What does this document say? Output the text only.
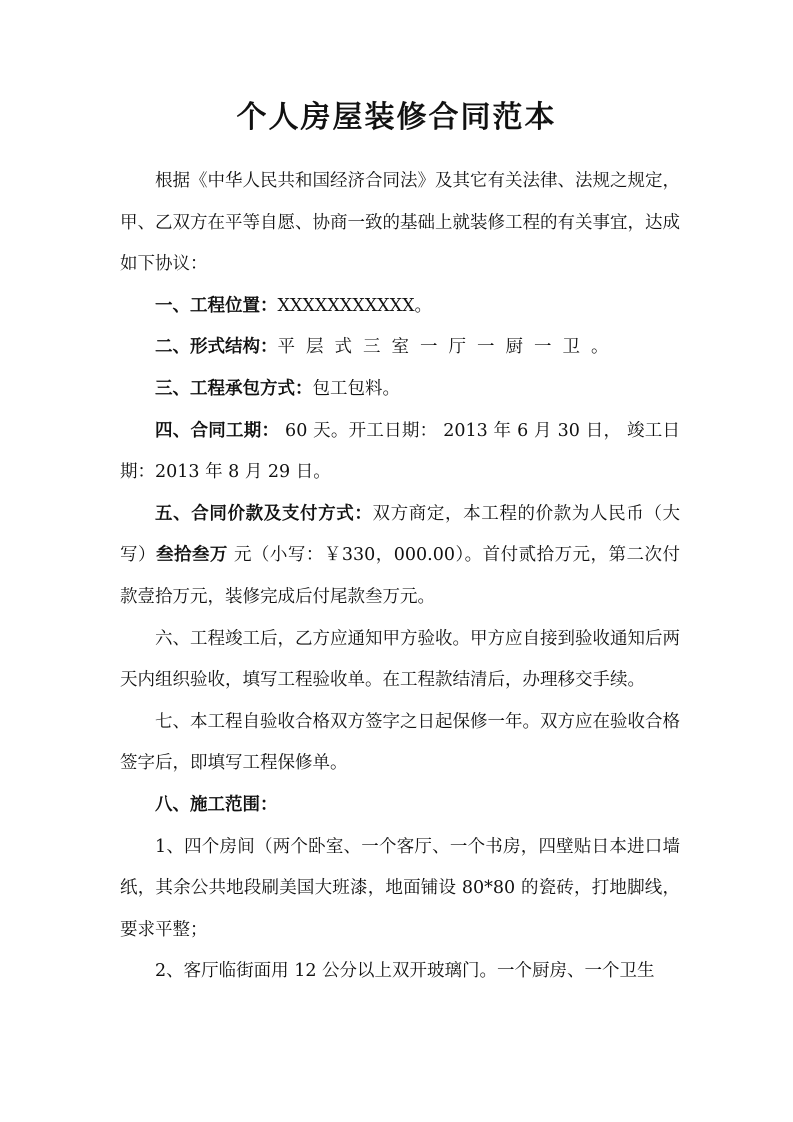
个人房屋装修合同范本

根据《中华人民共和国经济合同法》及其它有关法律、法规之规定，甲、乙双方在平等自愿、协商一致的基础上就装修工程的有关事宜，达成如下协议：

一、工程位置：XXXXXXXXXXX。

二、形式结构：平层式三室一厅一厨一卫。

三、工程承包方式：包工包料。

四、合同工期： 60 天。开工日期： 2013 年 6 月 30 日， 竣工日期：2013 年 8 月 29 日。

五、合同价款及支付方式：双方商定，本工程的价款为人民币（大写）叁拾叁万 元（小写：￥330，000.00）。首付贰拾万元，第二次付款壹拾万元，装修完成后付尾款叁万元。

六、工程竣工后，乙方应通知甲方验收。甲方应自接到验收通知后两天内组织验收，填写工程验收单。在工程款结清后，办理移交手续。

七、本工程自验收合格双方签字之日起保修一年。双方应在验收合格签字后，即填写工程保修单。

八、施工范围：

1、四个房间（两个卧室、一个客厅、一个书房，四壁贴日本进口墙纸，其余公共地段刷美国大班漆，地面铺设 80*80 的瓷砖，打地脚线，要求平整；

2、客厅临街面用 12 公分以上双开玻璃门。一个厨房、一个卫生
